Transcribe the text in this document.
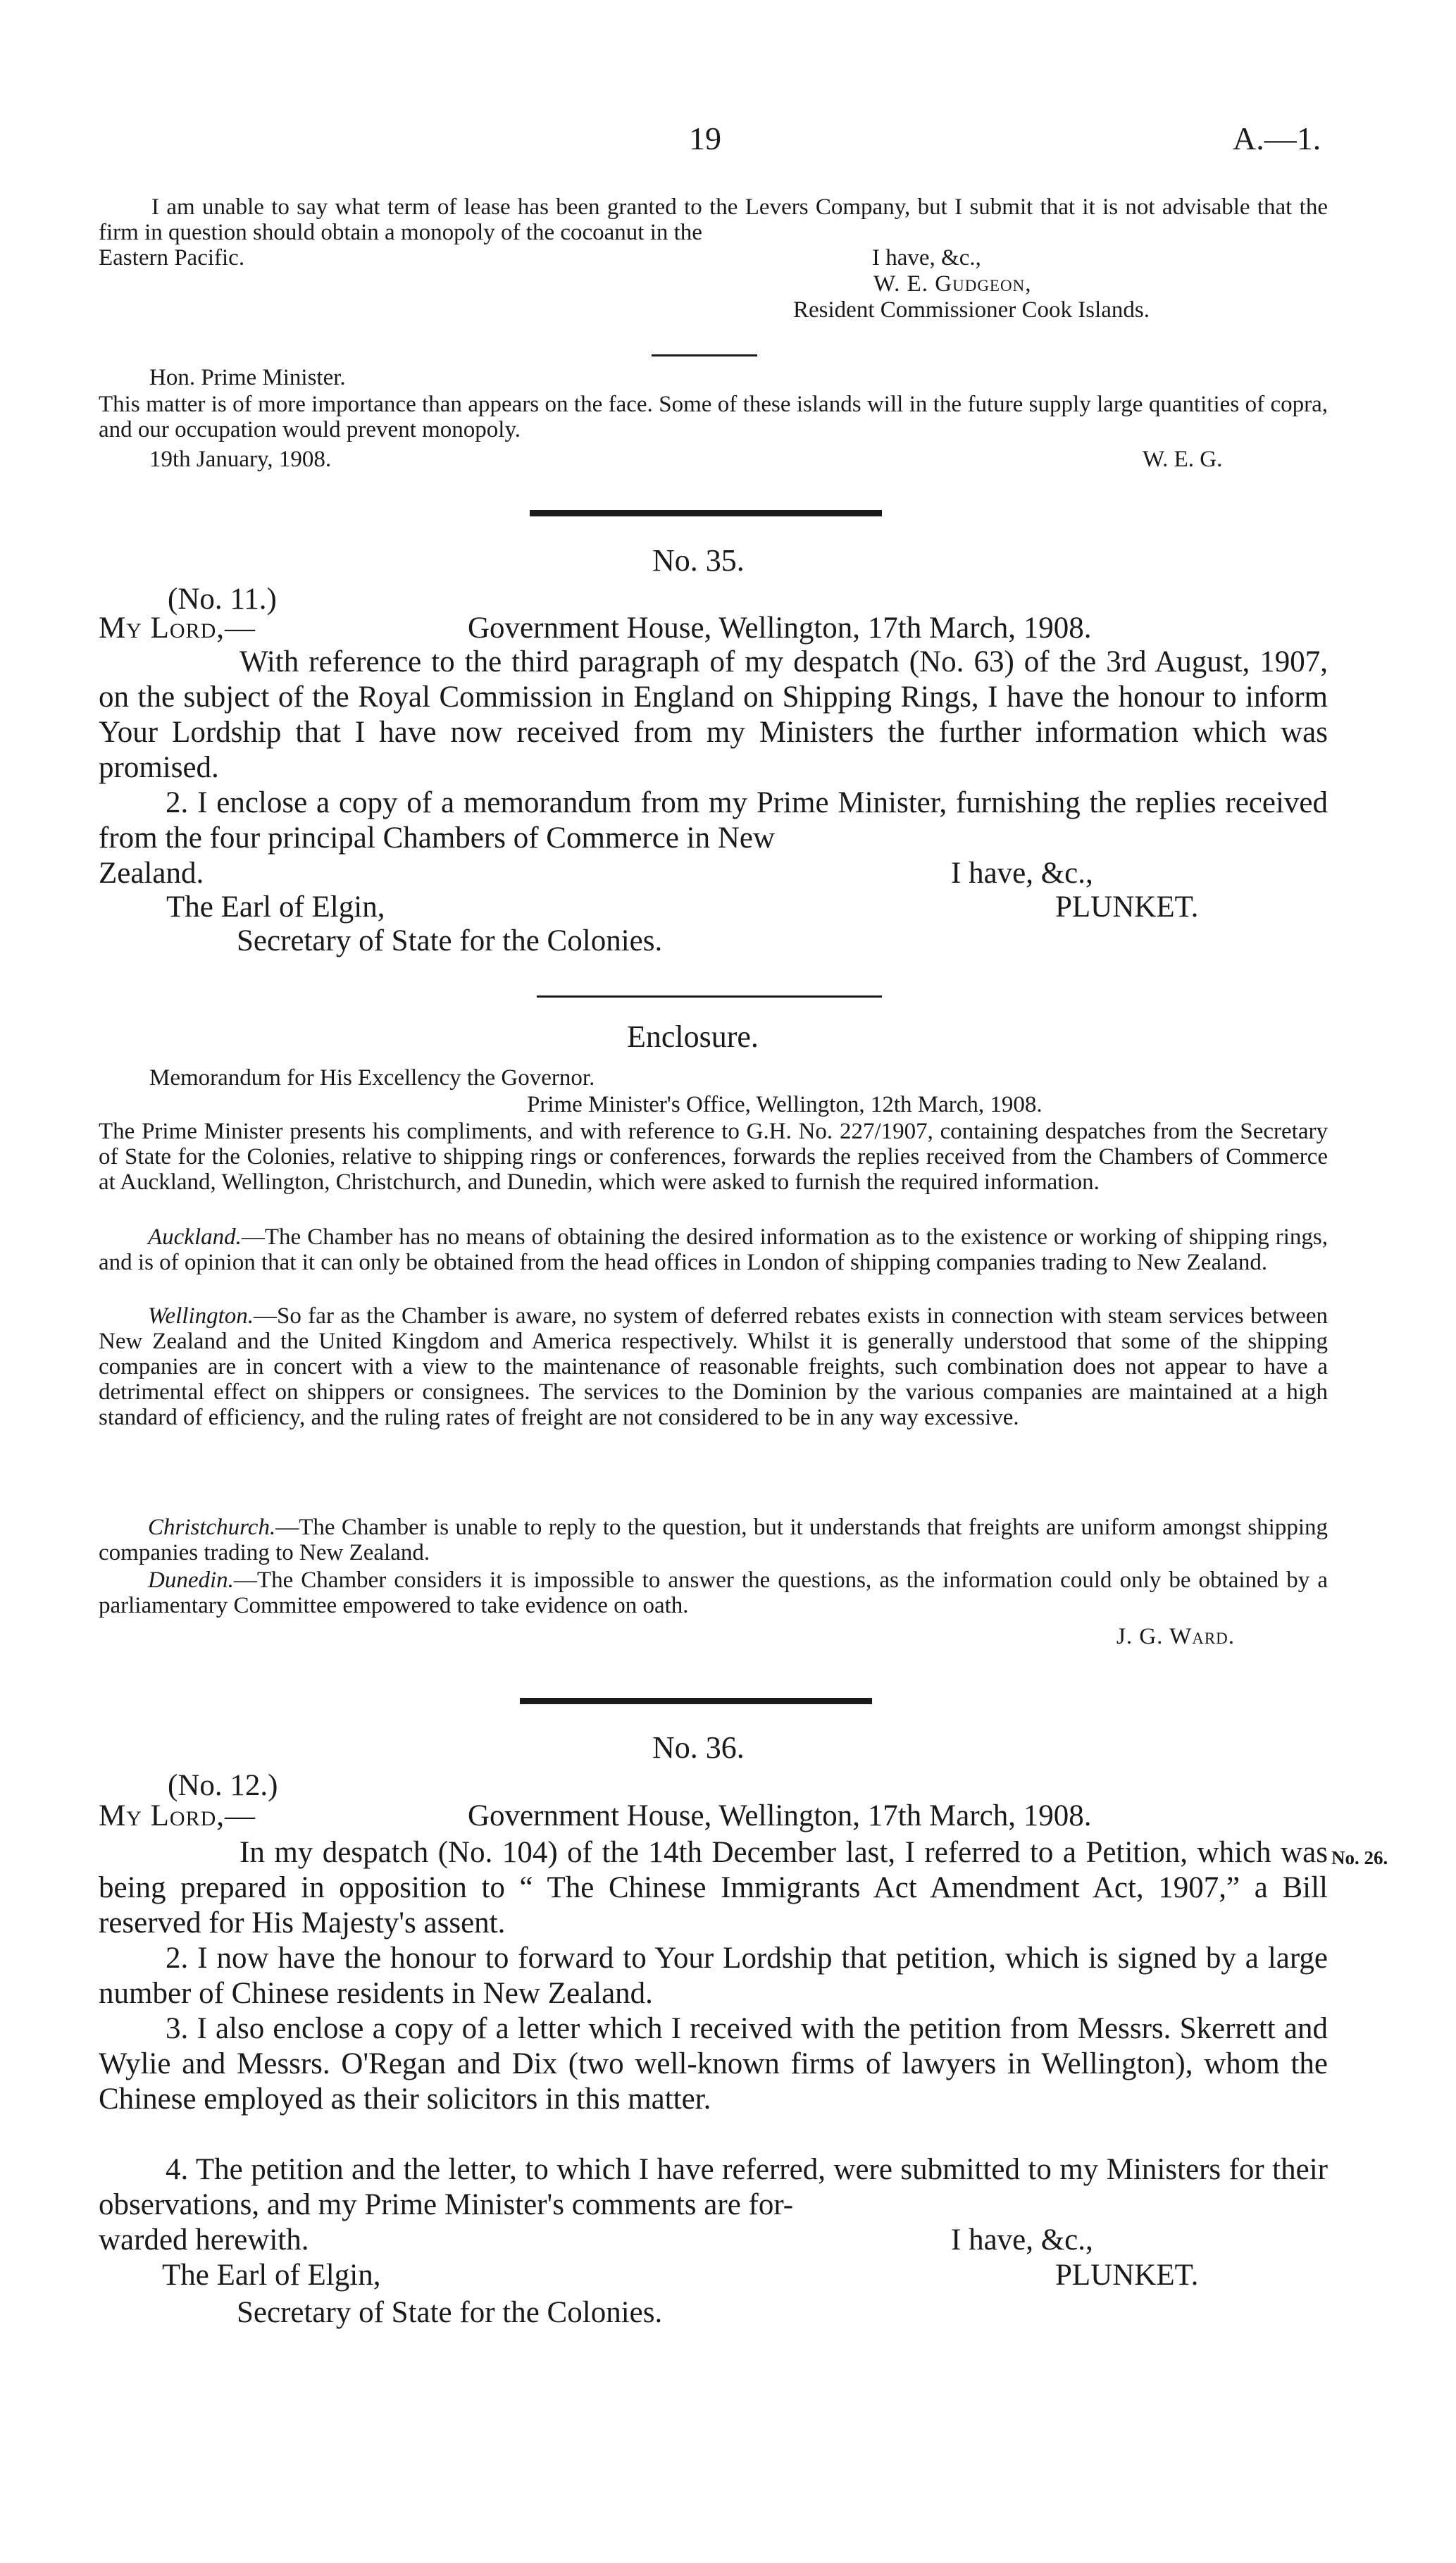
19	A.—1.
I am unable to say what term of lease has been granted to the Levers Company, but I submit that it is not advisable that the firm in question should obtain a monopoly of the cocoanut in the
Eastern Pacific.	I have, &c.,
W. E. Gudgeon,
Resident Commissioner Cook Islands.
Hon. Prime Minister.
This matter is of more importance than appears on the face. Some of these islands will in the future supply large quantities of copra, and our occupation would prevent monopoly.
19th January, 1908.	W. E. G.
No. 35.
(No. 11.)
My Lord,—	Government House, Wellington, 17th March, 1908.
With reference to the third paragraph of my despatch (No. 63) of the 3rd August, 1907, on the subject of the Royal Commission in England on Shipping Rings, I have the honour to inform Your Lordship that I have now received from my Ministers the further information which was promised.
2. I enclose a copy of a memorandum from my Prime Minister, furnishing the replies received from the four principal Chambers of Commerce in New
Zealand.	I have, &c.,
The Earl of Elgin,	PLUNKET.
Secretary of State for the Colonies.
Enclosure.
Memorandum for His Excellency the Governor.
Prime Minister's Office, Wellington, 12th March, 1908.
The Prime Minister presents his compliments, and with reference to G.H. No. 227/1907, containing despatches from the Secretary of State for the Colonies, relative to shipping rings or conferences, forwards the replies received from the Chambers of Commerce at Auckland, Wellington, Christchurch, and Dunedin, which were asked to furnish the required information.
Auckland.—The Chamber has no means of obtaining the desired information as to the existence or working of shipping rings, and is of opinion that it can only be obtained from the head offices in London of shipping companies trading to New Zealand.
Wellington.—So far as the Chamber is aware, no system of deferred rebates exists in connection with steam services between New Zealand and the United Kingdom and America respectively. Whilst it is generally understood that some of the shipping companies are in concert with a view to the maintenance of reasonable freights, such combination does not appear to have a detrimental effect on shippers or consignees. The services to the Dominion by the various companies are maintained at a high standard of efficiency, and the ruling rates of freight are not considered to be in any way excessive.
Christchurch.—The Chamber is unable to reply to the question, but it understands that freights are uniform amongst shipping companies trading to New Zealand.
Dunedin.—The Chamber considers it is impossible to answer the questions, as the information could only be obtained by a parliamentary Committee empowered to take evidence on oath.
J. G. Ward.
No. 36.
(No. 12.)
My Lord,—	Government House, Wellington, 17th March, 1908.
No. 26.
In my despatch (No. 104) of the 14th December last, I referred to a Petition, which was being prepared in opposition to “ The Chinese Immigrants Act Amendment Act, 1907,” a Bill reserved for His Majesty's assent.
2. I now have the honour to forward to Your Lordship that petition, which is signed by a large number of Chinese residents in New Zealand.
3. I also enclose a copy of a letter which I received with the petition from Messrs. Skerrett and Wylie and Messrs. O'Regan and Dix (two well-known firms of lawyers in Wellington), whom the Chinese employed as their solicitors in this matter.
4. The petition and the letter, to which I have referred, were submitted to my Ministers for their observations, and my Prime Minister's comments are for-
warded herewith.	I have, &c.,
The Earl of Elgin,	PLUNKET.
Secretary of State for the Colonies.
